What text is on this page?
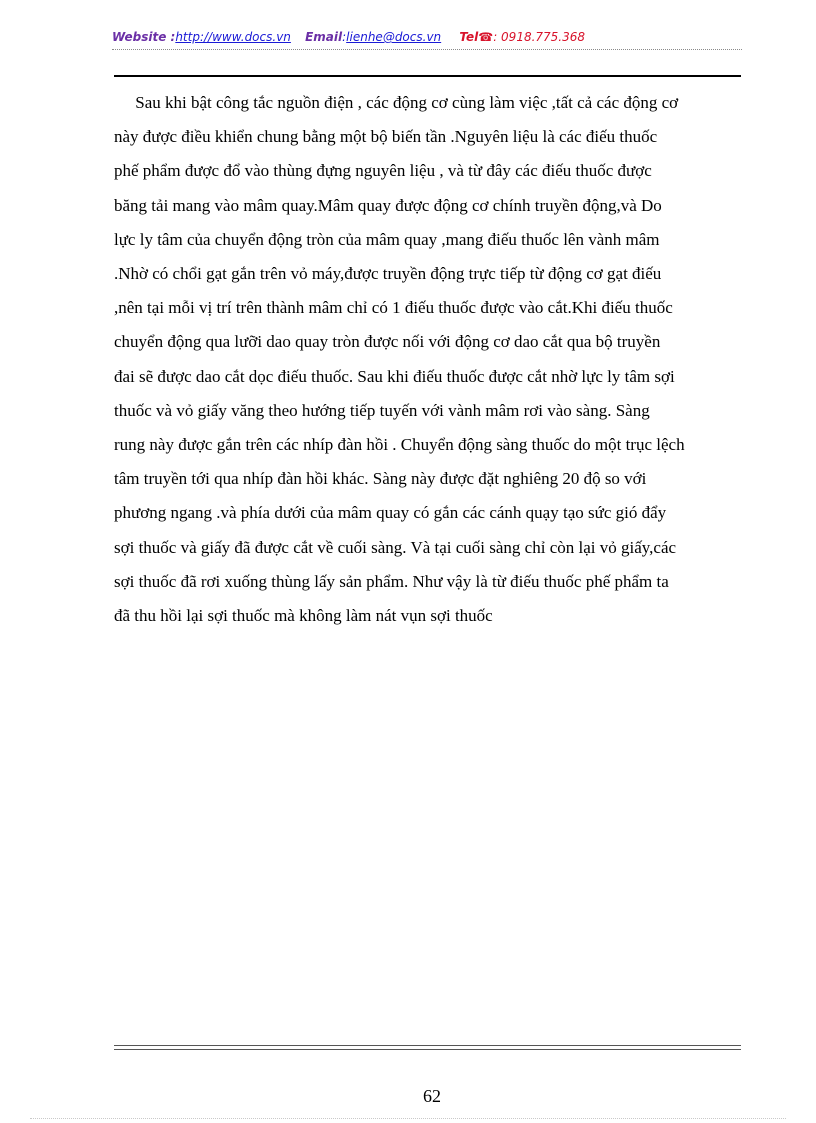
Website :http://www.docs.vn Email:lienhe@docs.vn Tel☎: 0918.775.368
Sau khi bật công tắc nguồn điện , các động cơ cùng làm việc ,tất cả các động cơ
này được điều khiển chung bằng một bộ biến tần .Nguyên liệu là các điếu thuốc
phế phẩm được đổ vào thùng đựng nguyên liệu , và từ đây các điếu thuốc được
băng tải mang vào mâm quay.Mâm quay được động cơ chính truyền động,và Do
lực ly tâm của chuyển động tròn của mâm quay ,mang điếu thuốc lên vành mâm
.Nhờ có chổi gạt gắn trên vỏ máy,được truyền động trực tiếp từ động cơ gạt điếu
,nên tại mỗi vị trí trên thành mâm chỉ có 1 điếu thuốc được vào cắt.Khi điếu thuốc
chuyển động qua lưỡi dao quay tròn được nối với động cơ dao cắt qua bộ truyền
đai sẽ được dao cắt dọc điếu thuốc. Sau khi điếu thuốc được cắt nhờ lực ly tâm sợi
thuốc và vỏ giấy văng theo hướng tiếp tuyến với vành mâm rơi vào sàng. Sàng
rung này được gắn trên các nhíp đàn hồi . Chuyển động sàng thuốc do một trục lệch
tâm truyền tới qua nhíp đàn hồi khác. Sàng này được đặt nghiêng 20 độ so với
phương ngang .và phía dưới của mâm quay có gắn các cánh quạy tạo sức gió đẩy
sợi thuốc và giấy đã được cắt về cuối sàng. Và tại cuối sàng chỉ còn lại vỏ giấy,các
sợi thuốc đã rơi xuống thùng lấy sản phẩm. Như vậy là từ điếu thuốc phế phẩm ta
đã thu hồi lại sợi thuốc mà không làm nát vụn sợi thuốc
62
